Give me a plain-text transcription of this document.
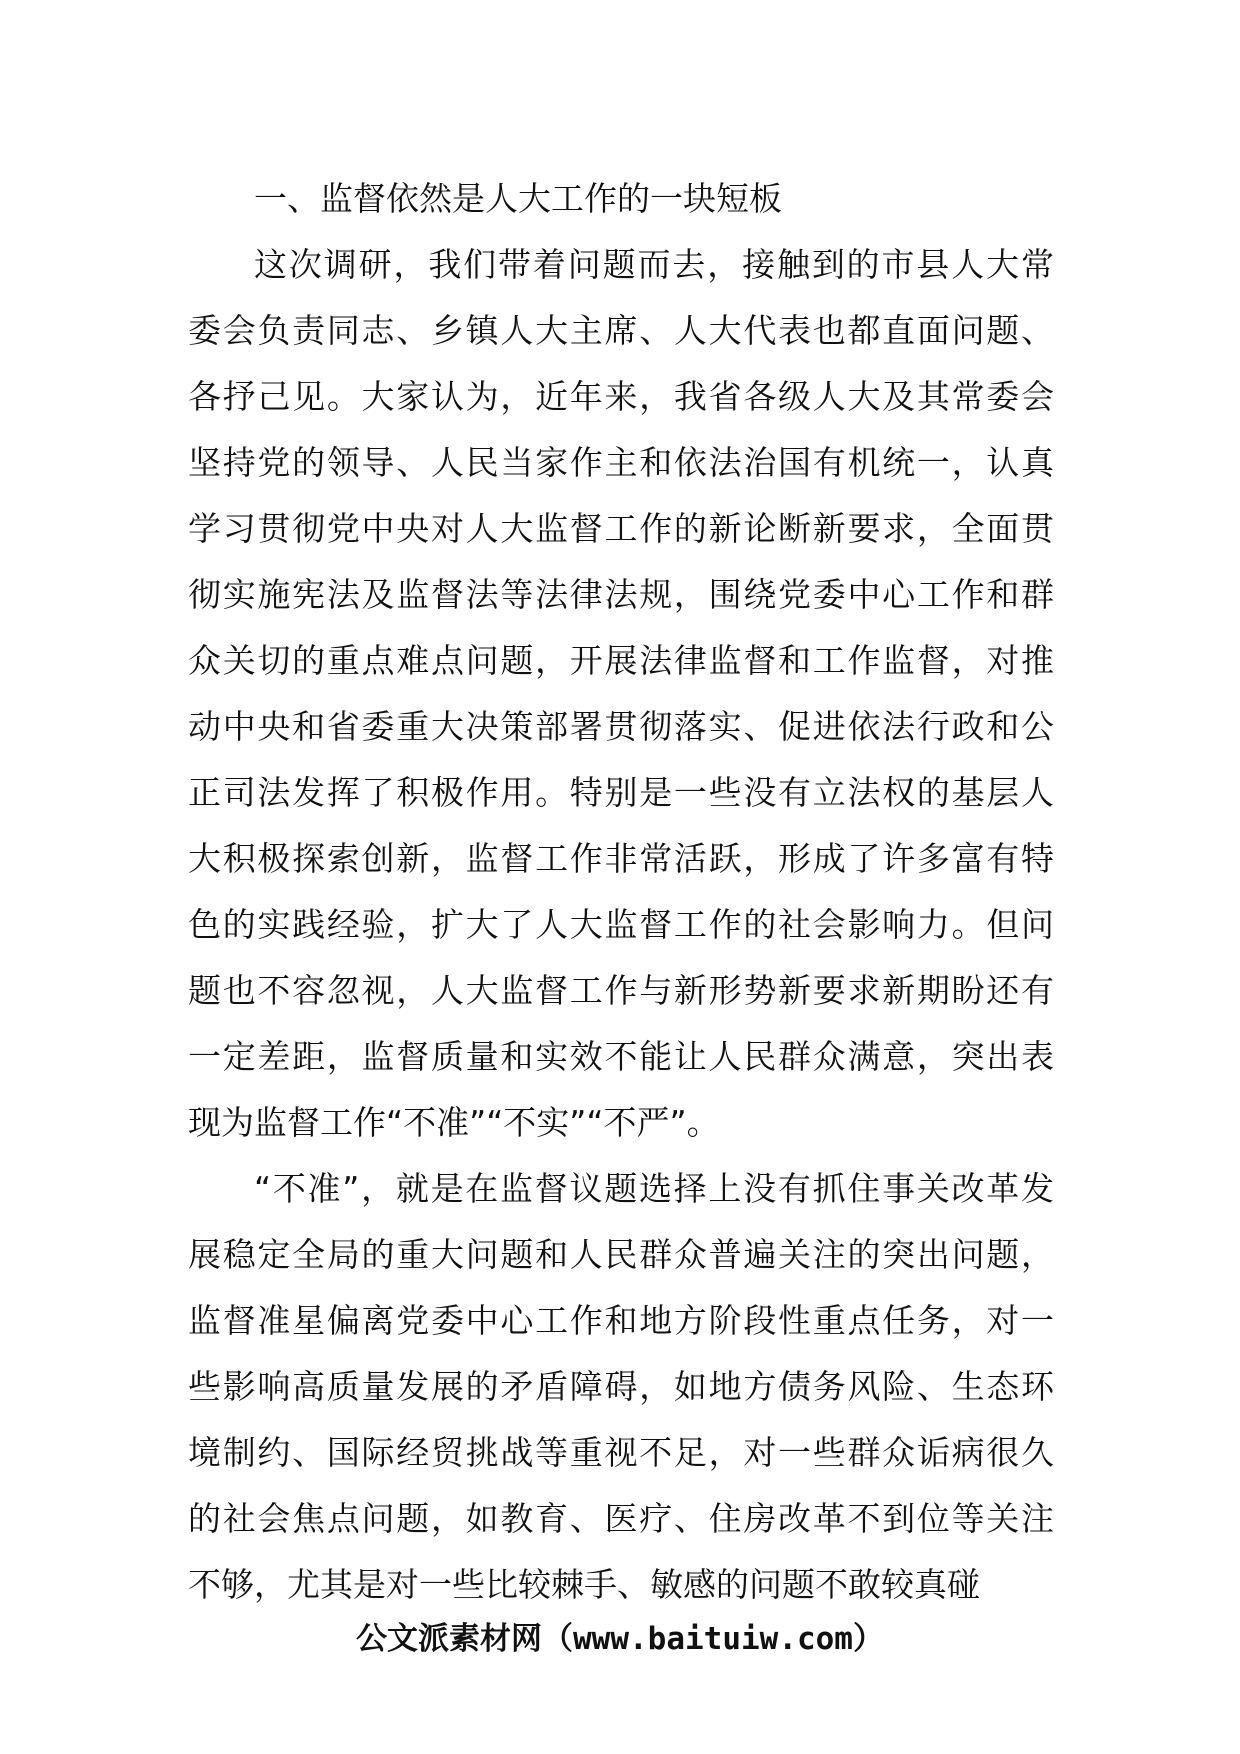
一、监督依然是人大工作的一块短板

这次调研，我们带着问题而去，接触到的市县人大常
委会负责同志、乡镇人大主席、人大代表也都直面问题、
各抒己见。大家认为，近年来，我省各级人大及其常委会
坚持党的领导、人民当家作主和依法治国有机统一，认真
学习贯彻党中央对人大监督工作的新论断新要求，全面贯
彻实施宪法及监督法等法律法规，围绕党委中心工作和群
众关切的重点难点问题，开展法律监督和工作监督，对推
动中央和省委重大决策部署贯彻落实、促进依法行政和公
正司法发挥了积极作用。特别是一些没有立法权的基层人
大积极探索创新，监督工作非常活跃，形成了许多富有特
色的实践经验，扩大了人大监督工作的社会影响力。但问
题也不容忽视，人大监督工作与新形势新要求新期盼还有
一定差距，监督质量和实效不能让人民群众满意，突出表
现为监督工作“不准”“不实”“不严”。

“不准”，就是在监督议题选择上没有抓住事关改革发
展稳定全局的重大问题和人民群众普遍关注的突出问题，
监督准星偏离党委中心工作和地方阶段性重点任务，对一
些影响高质量发展的矛盾障碍，如地方债务风险、生态环
境制约、国际经贸挑战等重视不足，对一些群众诟病很久
的社会焦点问题，如教育、医疗、住房改革不到位等关注
不够，尤其是对一些比较棘手、敏感的问题不敢较真碰

公文派素材网（www.baituiw.com）
